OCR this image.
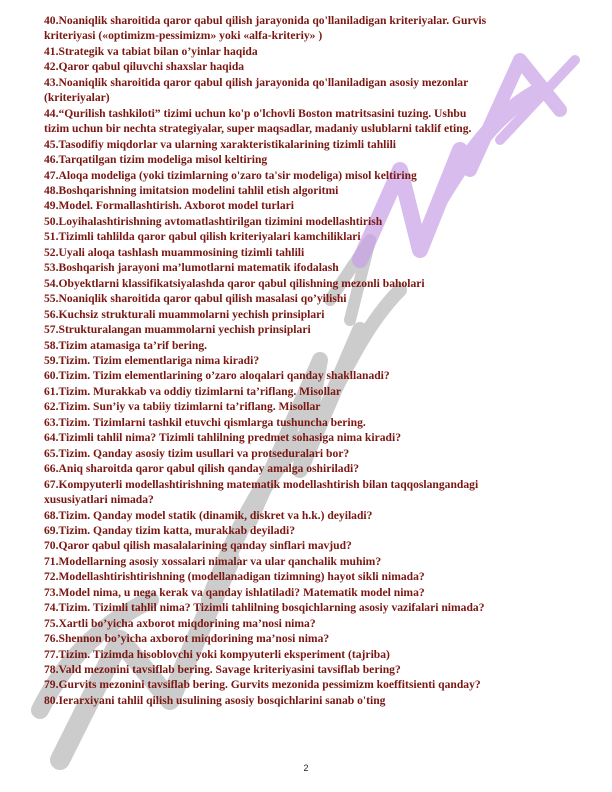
40.Noaniqlik sharoitida qaror qabul qilish jarayonida qo'llaniladigan kriteriyalar. Gurvis
kriteriyasi («optimizm-pessimizm» yoki «alfa-kriteriy» )
41.Strategik va tabiat bilan o’yinlar haqida
42.Qaror qabul qiluvchi shaxslar haqida
43.Noaniqlik sharoitida qaror qabul qilish jarayonida qo'llaniladigan asosiy mezonlar
(kriteriyalar)
44.“Qurilish tashkiloti” tizimi uchun ko'p o'lchovli Boston matritsasini tuzing. Ushbu
tizim uchun bir nechta strategiyalar, super maqsadlar, madaniy uslublarni taklif eting.
45.Tasodifiy miqdorlar va ularning xarakteristikalarining tizimli tahlili
46.Tarqatilgan tizim modeliga misol keltiring
47.Aloqa modeliga (yoki tizimlarning o'zaro ta'sir modeliga) misol keltiring
48.Boshqarishning imitatsion modelini tahlil etish algoritmi
49.Model. Formallashtirish. Axborot model turlari
50.Loyihalashtirishning avtomatlashtirilgan tizimini modellashtirish
51.Tizimli tahlilda qaror qabul qilish kriteriyalari kamchiliklari
52.Uyali aloqa tashlash muammosining tizimli tahlili
53.Boshqarish jarayoni ma’lumotlarni matematik ifodalash
54.Obyektlarni klassifikatsiyalashda qaror qabul qilishning mezonli baholari
55.Noaniqlik sharoitida qaror qabul qilish masalasi qo’yilishi
56.Kuchsiz strukturali muammolarni yechish prinsiplari
57.Strukturalangan muammolarni yechish prinsiplari
58.Tizim atamasiga ta’rif bering.
59.Tizim. Tizim elementlariga nima kiradi?
60.Tizim. Tizim elementlarining o’zaro aloqalari qanday shakllanadi?
61.Tizim. Murakkab va oddiy tizimlarni ta’riflang. Misollar
62.Tizim. Sun’iy va tabiiy tizimlarni ta’riflang. Misollar
63.Tizim. Tizimlarni tashkil etuvchi qismlarga tushuncha bering.
64.Tizimli tahlil nima? Tizimli tahlilning predmet sohasiga nima kiradi?
65.Tizim. Qanday asosiy tizim usullari va protseduralari bor?
66.Aniq sharoitda qaror qabul qilish qanday amalga oshiriladi?
67.Kompyuterli modellashtirishning matematik modellashtirish bilan taqqoslangandagi
xususiyatlari nimada?
68.Tizim. Qanday model statik (dinamik, diskret va h.k.) deyiladi?
69.Tizim. Qanday tizim katta, murakkab deyiladi?
70.Qaror qabul qilish masalalarining qanday sinflari mavjud?
71.Modellarning asosiy xossalari nimalar va ular qanchalik muhim?
72.Modellashtirishtirishning (modellanadigan tizimning) hayot sikli nimada?
73.Model nima, u nega kerak va qanday ishlatiladi? Matematik model nima?
74.Tizim. Tizimli tahlil nima? Tizimli tahlilning bosqichlarning asosiy vazifalari nimada?
75.Xartli bo’yicha axborot miqdorining ma’nosi nima?
76.Shennon bo’yicha axborot miqdorining ma’nosi nima?
77.Tizim. Tizimda hisoblovchi yoki kompyuterli eksperiment (tajriba)
78.Vald mezonini tavsiflab bering. Savage kriteriyasini tavsiflab bering?
79.Gurvits mezonini tavsiflab bering. Gurvits mezonida pessimizm koeffitsienti qanday?
80.Ierarxiyani tahlil qilish usulining asosiy bosqichlarini sanab o'ting
2
